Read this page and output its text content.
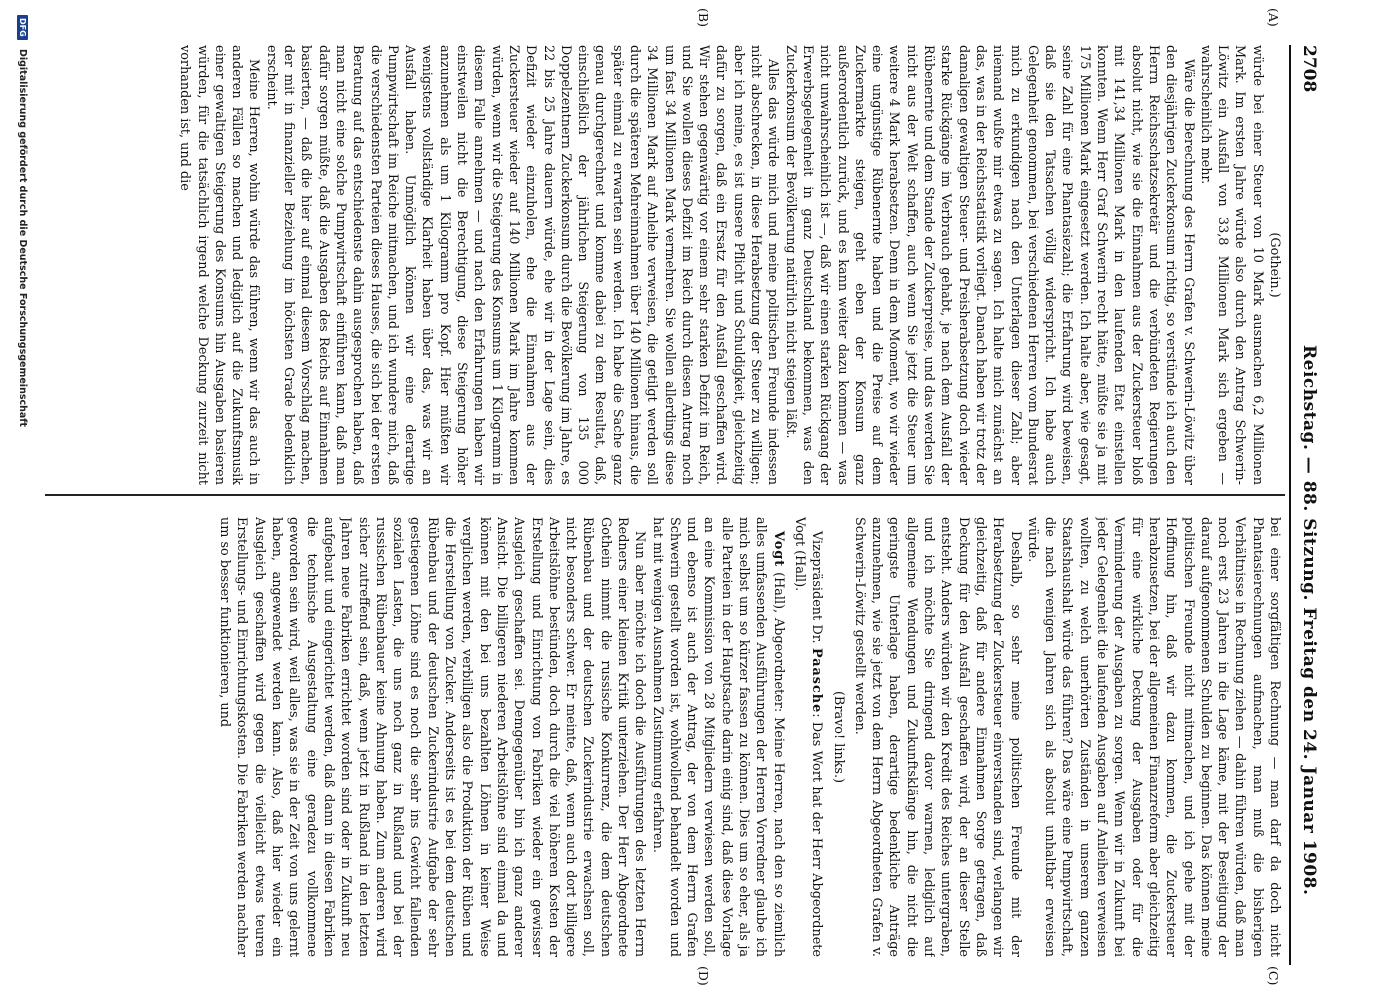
2708
Reichstag. — 88. Sitzung. Freitag den 24. Januar 1908.
(A)
(B)
(C)
(D)

(Gothein.)

würde bei einer Steuer von 10 Mark ausmachen 6,2 Millionen Mark. Im ersten Jahre würde also durch den Antrag Schwerin-Löwitz ein Ausfall von 33,8 Millionen Mark sich ergeben — wahrscheinlich mehr.

Wäre die Berechnung des Herrn Grafen v. Schwerin-Löwitz über den diesjährigen Zuckerkonsum richtig, so verstünde ich auch den Herrn Reichsschatzsekretär und die verbündeten Regierungen absolut nicht, wie sie die Einnahmen aus der Zuckersteuer bloß mit 141,34 Millionen Mark in den laufenden Etat einstellen konnten. Wenn Herr Graf Schwerin recht hätte, müßte sie ja mit 175 Millionen Mark eingesetzt werden. Ich halte aber, wie gesagt, seine Zahl für eine Phantasiezahl; die Erfahrung wird beweisen, daß sie den Tatsachen völlig widerspricht. Ich habe auch Gelegenheit genommen, bei verschiedenen Herren vom Bundesrat mich zu erkundigen nach den Unterlagen dieser Zahl; aber niemand wußte mir etwas zu sagen. Ich halte mich zunächst an das, was in der Reichsstatistik vorliegt. Danach haben wir trotz der damaligen gewaltigen Steuer- und Preisherabsetzung doch wieder starke Rückgänge im Verbrauch gehabt, je nach dem Ausfall der Rübenernte und dem Stande der Zuckerpreise, und das werden Sie nicht aus der Welt schaffen, auch wenn Sie jetzt die Steuer um weitere 4 Mark herabsetzen. Denn in dem Moment, wo wir wieder eine ungünstige Rübenernte haben und die Preise auf dem Zuckermarkte steigen, geht eben der Konsum ganz außerordentlich zurück, und es kann weiter dazu kommen — was nicht unwahrscheinlich ist —, daß wir einen starken Rückgang der Erwerbsgelegenheit in ganz Deutschland bekommen, was den Zuckerkonsum der Bevölkerung natürlich nicht steigen läßt.

Alles das würde mich und meine politischen Freunde indessen nicht abschrecken, in diese Herabsetzung der Steuer zu willigen; aber ich meine, es ist unsere Pflicht und Schuldigkeit, gleichzeitig dafür zu sorgen, daß ein Ersatz für den Ausfall geschaffen wird. Wir stehen gegenwärtig vor einem sehr starken Defizit im Reich, und Sie wollen dieses Defizit im Reich durch diesen Antrag noch um fast 34 Millionen Mark vermehren. Sie wollen allerdings diese 34 Millionen Mark auf Anleihe verweisen, die getilgt werden soll durch die späteren Mehreinnahmen über 140 Millionen hinaus, die später einmal zu erwarten sein werden. Ich habe die Sache ganz genau durchgerechnet und komme dabei zu dem Resultat, daß, einschließlich der jährlichen Steigerung von 135 000 Doppelzentnern Zuckerkonsum durch die Bevölkerung im Jahre, es 22 bis 25 Jahre dauern würde, ehe wir in der Lage sein, dies Defizit wieder einzuholen, ehe die Einnahmen aus der Zuckersteuer wieder auf 140 Millionen Mark im Jahre kommen würden, wenn wir die Steigerung des Konsums um 1 Kilogramm in diesem Falle annehmen — und nach den Erfahrungen haben wir einstweilen nicht die Berechtigung, diese Steigerung höher anzunehmen als um 1 Kilogramm pro Kopf. Hier müßten wir wenigstens vollständige Klarheit haben über das, was wir an Ausfall haben. Unmöglich können wir eine derartige Pumpwirtschaft im Reiche mitmachen, und ich wundere mich, daß die verschiedensten Parteien dieses Hauses, die sich bei der ersten Beratung auf das entschiedenste dahin ausgesprochen haben, daß man nicht eine solche Pumpwirtschaft einführen kann, daß man dafür sorgen müßte, daß die Ausgaben des Reichs auf Einnahmen basierten, — daß die hier auf einmal diesem Vorschlag machen, der mit in finanzieller Beziehung im höchsten Grade bedenklich erscheint.

Meine Herren, wohin würde das führen, wenn wir das auch in anderen Fällen so machen und lediglich auf die Zukunftsmusik einer gewaltigen Steigerung des Konsums hin Ausgaben basieren würden, für die tatsächlich irgend welche Deckung zurzeit nicht vorhanden ist, und die

bei einer sorgfältigen Rechnung — man darf da doch nicht Phantasierechnungen aufmachen, man muß die bisherigen Verhältnisse in Rechnung ziehen — dahin führen würden, daß man noch erst 23 Jahren in die Lage käme, mit der Beseitigung der darauf aufgenommenen Schulden zu beginnen. Das können meine politischen Freunde nicht mitmachen, und ich gehe mit der Hoffnung hin, daß wir dazu kommen, die Zuckersteuer herabzusetzen, bei der allgemeinen Finanzreform aber gleichzeitig für eine wirkliche Deckung der Ausgaben oder für die Verminderung der Ausgaben zu sorgen. Wenn wir in Zukunft bei jeder Gelegenheit die laufenden Ausgaben auf Anleihen verweisen wollten, zu welch unerhörten Zuständen in unserem ganzen Staatshaushalt würde das führen? Das wäre eine Pumpwirtschaft, die nach wenigen Jahren sich als absolut unhaltbar erweisen würde.

Deshalb, so sehr meine politischen Freunde mit der Herabsetzung der Zuckersteuer einverstanden sind, verlangen wir gleichzeitig, daß für andere Einnahmen Sorge getragen, daß Deckung für den Ausfall geschaffen wird, der an dieser Stelle entsteht. Anders würden wir den Kredit des Reiches untergraben, und ich möchte Sie dringend davor warnen, lediglich auf allgemeine Wendungen und Zukunftsklänge hin, die nicht die geringste Unterlage haben, derartige bedenkliche Anträge anzunehmen, wie sie jetzt von dem Herrn Abgeordneten Grafen v. Schwerin-Löwitz gestellt werden.

(Bravo! links.)

Vizepräsident Dr. Paasche: Das Wort hat der Herr Abgeordnete Vogt (Hall).

Vogt (Hall), Abgeordneter: Meine Herren, nach den so ziemlich alles umfassenden Ausführungen der Herren Vorredner glaube ich mich selbst um so kürzer fassen zu können. Dies um so eher, als ja alle Parteien in der Hauptsache darin einig sind, daß diese Vorlage an eine Kommission von 28 Mitgliedern verwiesen werden soll, und ebenso ist auch der Antrag, der von dem Herrn Grafen Schwerin gestellt worden ist, wohlwollend behandelt worden und hat mit wenigen Ausnahmen Zustimmung erfahren.

Nun aber möchte ich doch die Ausführungen des letzten Herrn Redners einer kleinen Kritik unterziehen. Der Herr Abgeordnete Gothein nimmt die russische Konkurrenz, die dem deutschen Rübenbau und der deutschen Zuckerindustrie erwachsen soll, nicht besonders schwer. Er meinte, daß, wenn auch dort billigere Arbeitslöhne bestünden, doch durch die viel höheren Kosten der Erstellung und Einrichtung von Fabriken wieder ein gewisser Ausgleich geschaffen sei. Demgegenüber bin ich ganz anderer Ansicht. Die billigeren niederen Arbeitslöhne sind einmal da und können mit den bei uns bezahlten Löhnen in keiner Weise verglichen werden, verbilligen also die Produktion der Rüben und die Herstellung von Zucker. Anderseits ist es bei dem deutschen Rübenbau und der deutschen Zuckerindustrie Aufgabe der sehr gestiegenen Löhne sind es noch die sehr ins Gewicht fallenden sozialen Lasten, die uns noch ganz in Rußland und bei der russischen Rübenbauer keine Ahnung haben. Zum anderen wird sicher zutreffend sein, daß, wenn jetzt in Rußland in den letzten Jahren neue Fabriken errichtet worden sind oder in Zukunft neu aufgebaut und eingerichtet werden, daß dann in diesen Fabriken die technische Ausgestaltung eine geradezu vollkommene geworden sein wird, weil alles, was sie in der Zeit von uns gelernt haben, angewendet werden kann. Also, daß hier wieder ein Ausgleich geschaffen wird gegen die vielleicht etwas teuren Erstellungs- und Einrichtungskosten. Die Fabriken werden nachher um so besser funktionieren, und

DFG Digitalisierung gefördert durch die Deutsche Forschungsgemeinschaft
